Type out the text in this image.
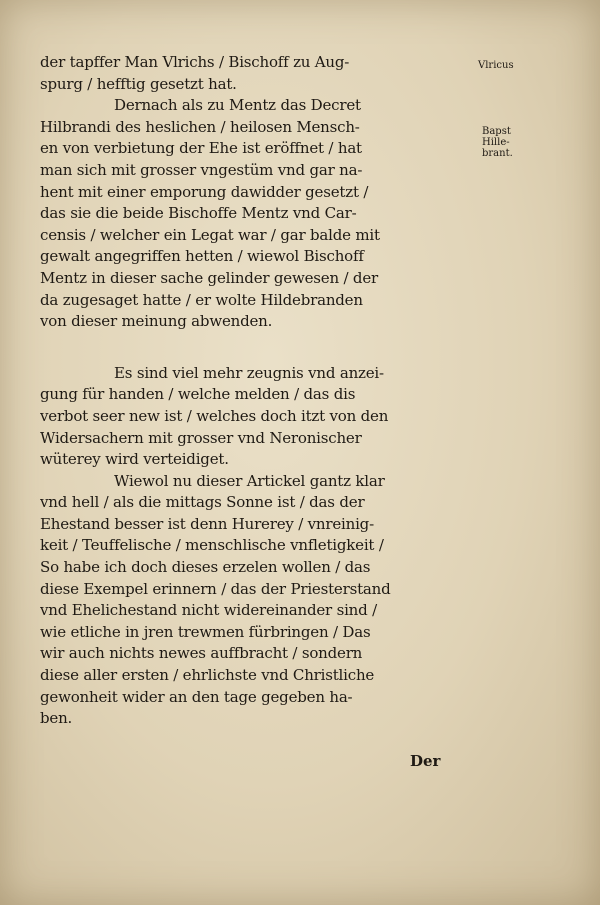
der tapffer Man Vlrichs / Bischoff zu Aug-
spurg / hefftig gesetzt hat.
Dernach als zu Mentz das Decret
Hilbrandi des heslichen / heilosen Mensch-
en von verbietung der Ehe ist eröffnet / hat
man sich mit grosser vngestüm vnd gar na-
hent mit einer emporung dawidder gesetzt /
das sie die beide Bischoffe Mentz vnd Car-
censis / welcher ein Legat war / gar balde mit
gewalt angegriffen hetten / wiewol Bischoff
Mentz in dieser sache gelinder gewesen / der
da zugesaget hatte / er wolte Hildebranden
von dieser meinung abwenden.
Es sind viel mehr zeugnis vnd anzei-
gung für handen / welche melden / das dis
verbot seer new ist / welches doch itzt von den
Widersachern mit grosser vnd Neronischer
wüterey wird verteidiget.
Wiewol nu dieser Artickel gantz klar
vnd hell / als die mittags Sonne ist / das der
Ehestand besser ist denn Hurerey / vnreinig-
keit / Teuffelische / menschlische vnfletigkeit /
So habe ich doch dieses erzelen wollen / das
diese Exempel erinnern / das der Priesterstand
vnd Ehelichestand nicht widereinander sind /
wie etliche in jren trewmen fürbringen / Das
wir auch nichts newes auffbracht / sondern
diese aller ersten / ehrlichste vnd Christliche
gewonheit wider an den tage gegeben ha-
ben.
Vlricus
Bapst
Hille-
brant.
Der
